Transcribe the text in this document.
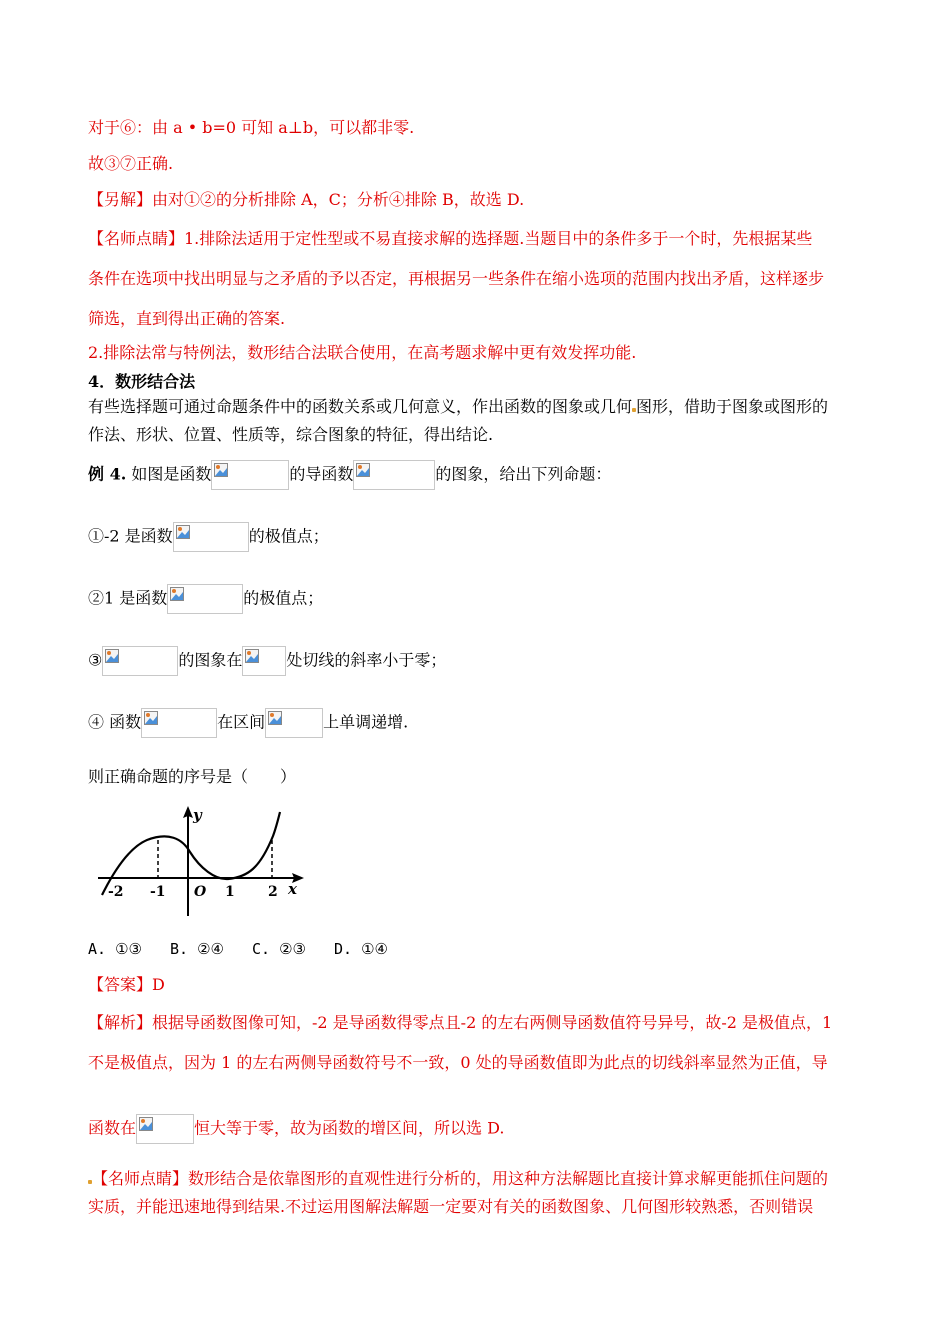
对于⑥：由 a • b=0 可知 a⊥b，可以都非零.
故③⑦正确.
【另解】由对①②的分析排除 A，C；分析④排除 B，故选 D.
【名师点睛】1.排除法适用于定性型或不易直接求解的选择题.当题目中的条件多于一个时，先根据某些
条件在选项中找出明显与之矛盾的予以否定，再根据另一些条件在缩小选项的范围内找出矛盾，这样逐步
筛选，直到得出正确的答案.
2.排除法常与特例法，数形结合法联合使用，在高考题求解中更有效发挥功能.
4．数形结合法
有些选择题可通过命题条件中的函数关系或几何意义，作出函数的图象或几何 图形，借助于图象或图形的
作法、形状、位置、性质等，综合图象的特征，得出结论.
例 4. 如图是函数	的导函数	的图象，给出下列命题：
①-2 是函数	的极值点；
②1 是函数	的极值点；
③	的图象在	处切线的斜率小于零；
④ 函数	在区间	上单调递增.
则正确命题的序号是（　　）
y
x
-2 -1 O 1 2
A. ①③ B. ②④ C. ②③ D. ①④
【答案】D
【解析】根据导函数图像可知，-2 是导函数得零点且-2 的左右两侧导函数值符号异号，故-2 是极值点，1
不是极值点，因为 1 的左右两侧导函数符号不一致，0 处的导函数值即为此点的切线斜率显然为正值，导
函数在	恒大等于零，故为函数的增区间，所以选 D.
【名师点睛】数形结合是依靠图形的直观性进行分析的，用这种方法解题比直接计算求解更能抓住问题的
实质，并能迅速地得到结果.不过运用图解法解题一定要对有关的函数图象、几何图形较熟悉，否则错误
